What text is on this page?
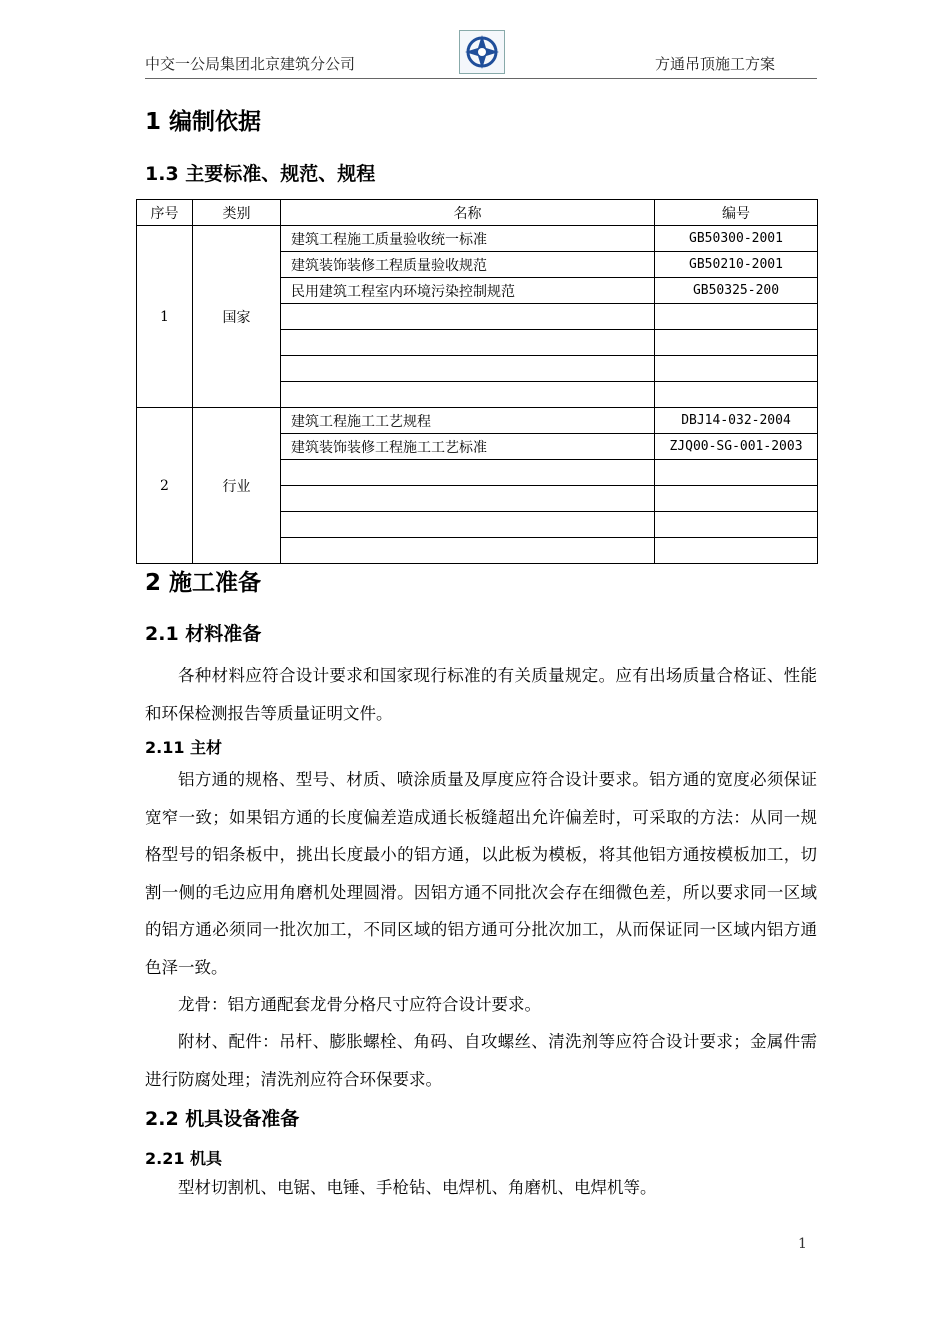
中交一公局集团北京建筑分公司	方通吊顶施工方案
1 编制依据
1.3 主要标准、规范、规程
序号	类别	名称	编号
1	国家	建筑工程施工质量验收统一标准	GB50300-2001
		建筑装饰装修工程质量验收规范	GB50210-2001
		民用建筑工程室内环境污染控制规范	GB50325-200

2	行业	建筑工程施工工艺规程	DBJ14-032-2004
		建筑装饰装修工程施工工艺标准	ZJQ00-SG-001-2003

2 施工准备
2.1 材料准备
各种材料应符合设计要求和国家现行标准的有关质量规定。应有出场质量合格证、性能和环保检测报告等质量证明文件。
2.11 主材
铝方通的规格、型号、材质、喷涂质量及厚度应符合设计要求。铝方通的宽度必须保证宽窄一致；如果铝方通的长度偏差造成通长板缝超出允许偏差时，可采取的方法：从同一规格型号的铝条板中，挑出长度最小的铝方通，以此板为模板，将其他铝方通按模板加工，切割一侧的毛边应用角磨机处理圆滑。因铝方通不同批次会存在细微色差，所以要求同一区域的铝方通必须同一批次加工，不同区域的铝方通可分批次加工，从而保证同一区域内铝方通色泽一致。
龙骨：铝方通配套龙骨分格尺寸应符合设计要求。
附材、配件：吊杆、膨胀螺栓、角码、自攻螺丝、清洗剂等应符合设计要求；金属件需进行防腐处理；清洗剂应符合环保要求。
2.2 机具设备准备
2.21 机具
型材切割机、电锯、电锤、手枪钻、电焊机、角磨机、电焊机等。
1
